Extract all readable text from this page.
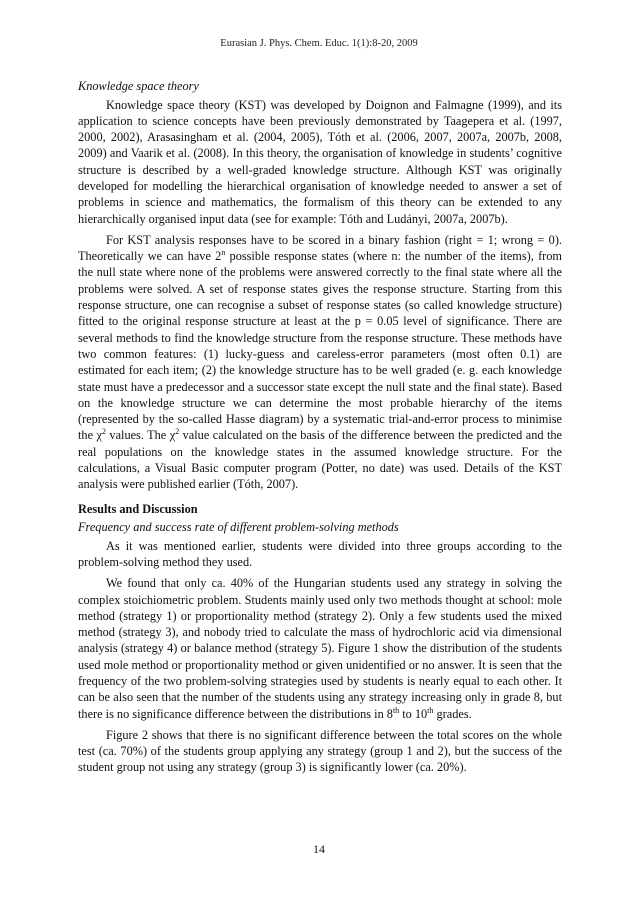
Eurasian J. Phys. Chem. Educ. 1(1):8-20, 2009
Knowledge space theory

Knowledge space theory (KST) was developed by Doignon and Falmagne (1999), and its application to science concepts have been previously demonstrated by Taagepera et al. (1997, 2000, 2002), Arasasingham et al. (2004, 2005), Tóth et al. (2006, 2007, 2007a, 2007b, 2008, 2009) and Vaarik et al. (2008). In this theory, the organisation of knowledge in students’ cognitive structure is described by a well-graded knowledge structure. Although KST was originally developed for modelling the hierarchical organisation of knowledge needed to answer a set of problems in science and mathematics, the formalism of this theory can be extended to any hierarchically organised input data (see for example: Tóth and Ludányi, 2007a, 2007b).

For KST analysis responses have to be scored in a binary fashion (right = 1; wrong = 0). Theoretically we can have 2$^n$ possible response states (where n: the number of the items), from the null state where none of the problems were answered correctly to the final state where all the problems were solved. A set of response states gives the response structure. Starting from this response structure, one can recognise a subset of response states (so called knowledge structure) fitted to the original response structure at least at the p = 0.05 level of significance. There are several methods to find the knowledge structure from the response structure. These methods have two common features: (1) lucky-guess and careless-error parameters (most often 0.1) are estimated for each item; (2) the knowledge structure has to be well graded (e. g. each knowledge state must have a predecessor and a successor state except the null state and the final state). Based on the knowledge structure we can determine the most probable hierarchy of the items (represented by the so-called Hasse diagram) by a systematic trial-and-error process to minimise the $\chi^2$ values. The $\chi^2$ value calculated on the basis of the difference between the predicted and the real populations on the knowledge states in the assumed knowledge structure. For the calculations, a Visual Basic computer program (Potter, no date) was used. Details of the KST analysis were published earlier (Tóth, 2007).

Results and Discussion
Frequency and success rate of different problem-solving methods

As it was mentioned earlier, students were divided into three groups according to the problem-solving method they used.

We found that only ca. 40% of the Hungarian students used any strategy in solving the complex stoichiometric problem. Students mainly used only two methods thought at school: mole method (strategy 1) or proportionality method (strategy 2). Only a few students used the mixed method (strategy 3), and nobody tried to calculate the mass of hydrochloric acid via dimensional analysis (strategy 4) or balance method (strategy 5). Figure 1 show the distribution of the students used mole method or proportionality method or given unidentified or no answer. It is seen that the frequency of the two problem-solving strategies used by students is nearly equal to each other. It can be also seen that the number of the students using any strategy increasing only in grade 8, but there is no significance difference between the distributions in 8th to 10th grades.

Figure 2 shows that there is no significant difference between the total scores on the whole test (ca. 70%) of the students group applying any strategy (group 1 and 2), but the success of the student group not using any strategy (group 3) is significantly lower (ca. 20%).

14
